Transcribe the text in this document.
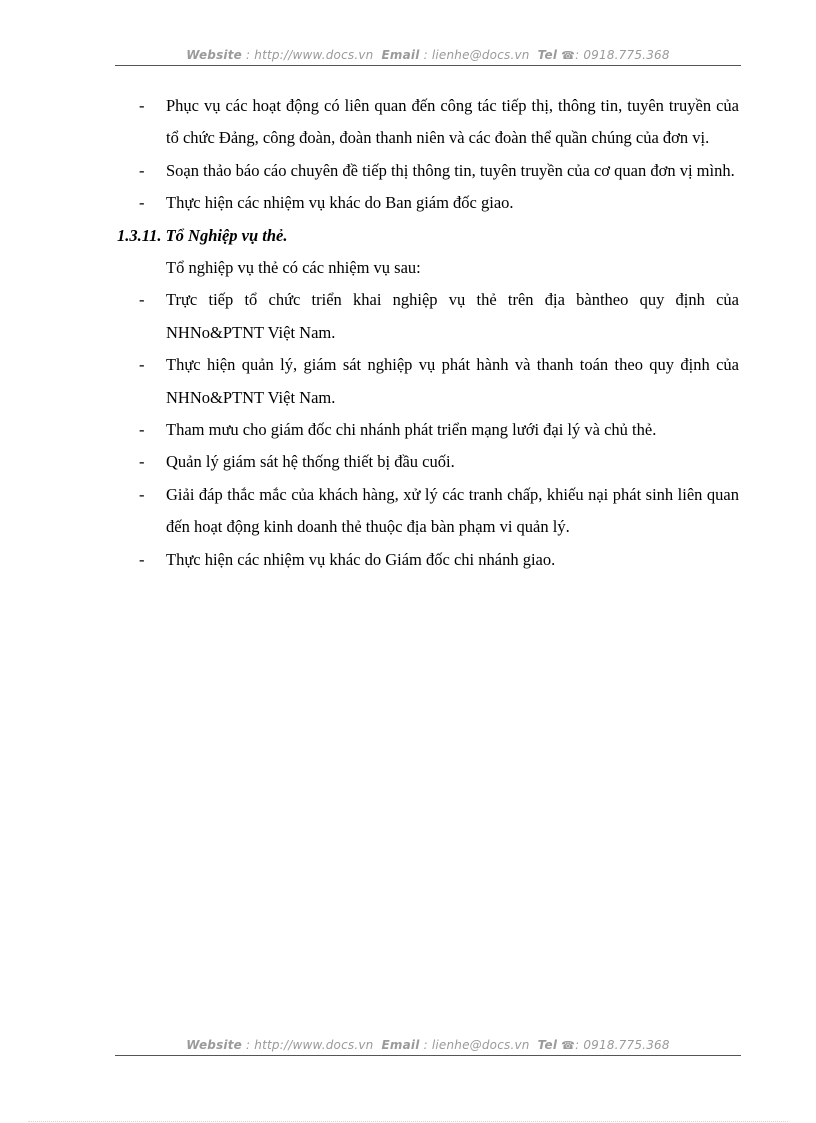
Website : http://www.docs.vn Email : lienhe@docs.vn Tel ☎: 0918.775.368
- Phục vụ các hoạt động có liên quan đến công tác tiếp thị, thông tin, tuyên truyền của tổ chức Đảng, công đoàn, đoàn thanh niên và các đoàn thể quần chúng của đơn vị.
- Soạn thảo báo cáo chuyên đề tiếp thị thông tin, tuyên truyền của cơ quan đơn vị mình.
- Thực hiện các nhiệm vụ khác do Ban giám đốc giao.
1.3.11. Tổ Nghiệp vụ thẻ.
Tổ nghiệp vụ thẻ có các nhiệm vụ sau:
- Trực tiếp tổ chức triển khai nghiệp vụ thẻ trên địa bàntheo quy định của NHNo&PTNT Việt Nam.
- Thực hiện quản lý, giám sát nghiệp vụ phát hành và thanh toán theo quy định của NHNo&PTNT Việt Nam.
- Tham mưu cho giám đốc chi nhánh phát triển mạng lưới đại lý và chủ thẻ.
- Quản lý giám sát hệ thống thiết bị đầu cuối.
- Giải đáp thắc mắc của khách hàng, xử lý các tranh chấp, khiếu nại phát sinh liên quan đến hoạt động kinh doanh thẻ thuộc địa bàn phạm vi quản lý.
- Thực hiện các nhiệm vụ khác do Giám đốc chi nhánh giao.
Website : http://www.docs.vn Email : lienhe@docs.vn Tel ☎: 0918.775.368
